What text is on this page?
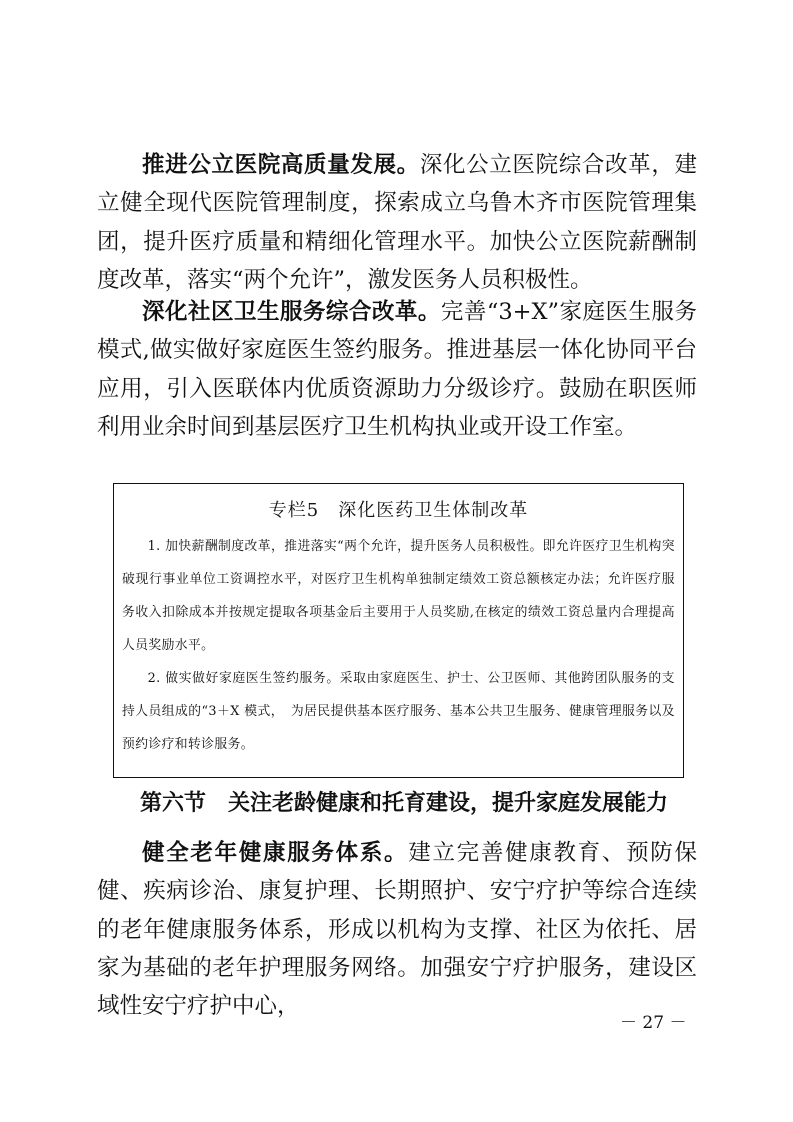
推进公立医院高质量发展。深化公立医院综合改革，建立健全现代医院管理制度，探索成立乌鲁木齐市医院管理集团，提升医疗质量和精细化管理水平。加快公立医院薪酬制度改革，落实“两个允许”，激发医务人员积极性。

深化社区卫生服务综合改革。完善“3+X”家庭医生服务模式,做实做好家庭医生签约服务。推进基层一体化协同平台应用，引入医联体内优质资源助力分级诊疗。鼓励在职医师利用业余时间到基层医疗卫生机构执业或开设工作室。

专栏5　深化医药卫生体制改革

1. 加快薪酬制度改革，推进落实“两个允许，提升医务人员积极性。即允许医疗卫生机构突破现行事业单位工资调控水平，对医疗卫生机构单独制定绩效工资总额核定办法；允许医疗服务收入扣除成本并按规定提取各项基金后主要用于人员奖励,在核定的绩效工资总量内合理提高人员奖励水平。

2. 做实做好家庭医生签约服务。采取由家庭医生、护士、公卫医师、其他跨团队服务的支持人员组成的“3＋X 模式，　为居民提供基本医疗服务、基本公共卫生服务、健康管理服务以及预约诊疗和转诊服务。

第六节　关注老龄健康和托育建设，提升家庭发展能力

健全老年健康服务体系。建立完善健康教育、预防保健、疾病诊治、康复护理、长期照护、安宁疗护等综合连续的老年健康服务体系，形成以机构为支撑、社区为依托、居家为基础的老年护理服务网络。加强安宁疗护服务，建设区域性安宁疗护中心，

－ 27 －
